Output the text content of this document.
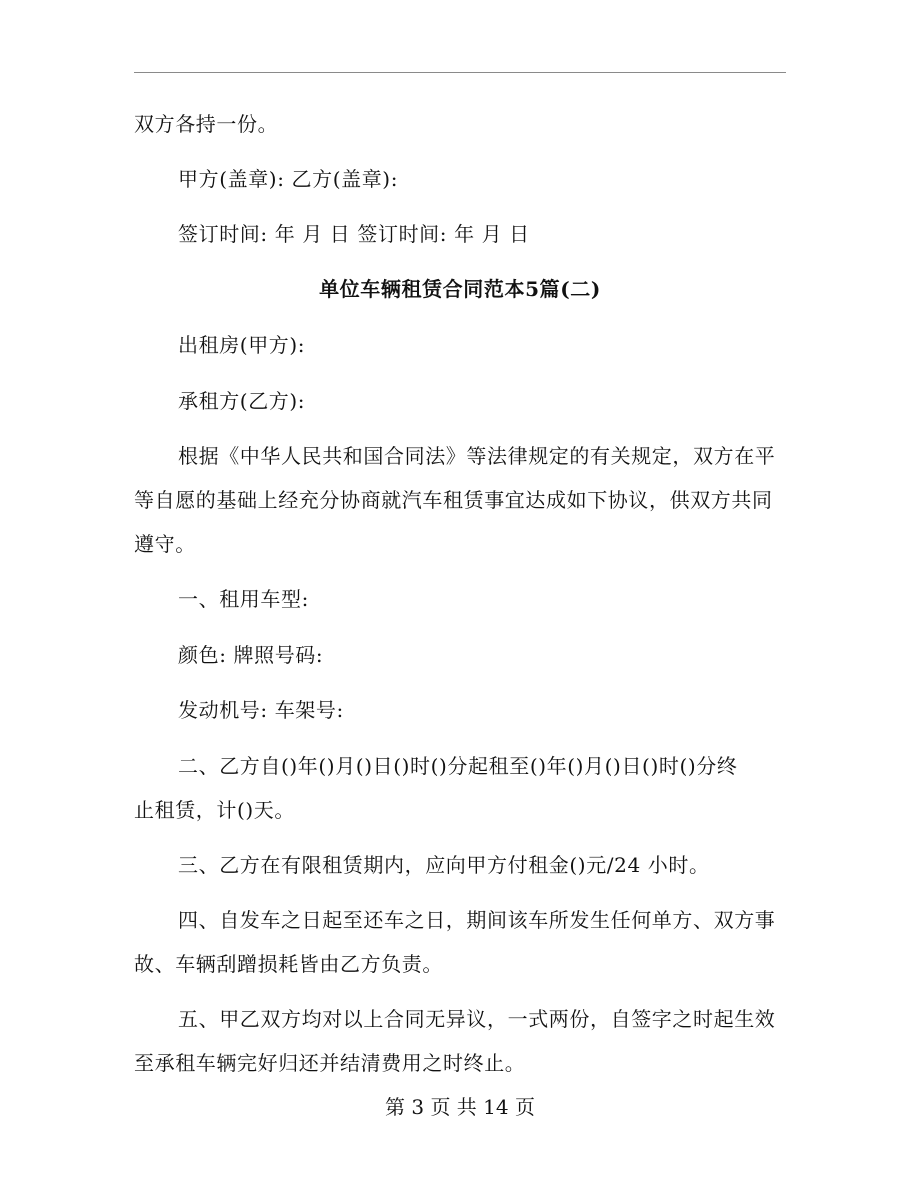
双方各持一份。
甲方(盖章): 乙方(盖章):
签订时间: 年 月 日 签订时间: 年 月 日
单位车辆租赁合同范本5篇(二)
出租房(甲方):
承租方(乙方):
根据《中华人民共和国合同法》等法律规定的有关规定，双方在平
等自愿的基础上经充分协商就汽车租赁事宜达成如下协议，供双方共同
遵守。
一、租用车型:
颜色: 牌照号码:
发动机号: 车架号:
二、乙方自()年()月()日()时()分起租至()年()月()日()时()分终
止租赁，计()天。
三、乙方在有限租赁期内，应向甲方付租金()元/24 小时。
四、自发车之日起至还车之日，期间该车所发生任何单方、双方事
故、车辆刮蹭损耗皆由乙方负责。
五、甲乙双方均对以上合同无异议，一式两份，自签字之时起生效
至承租车辆完好归还并结清费用之时终止。
第 3 页 共 14 页
